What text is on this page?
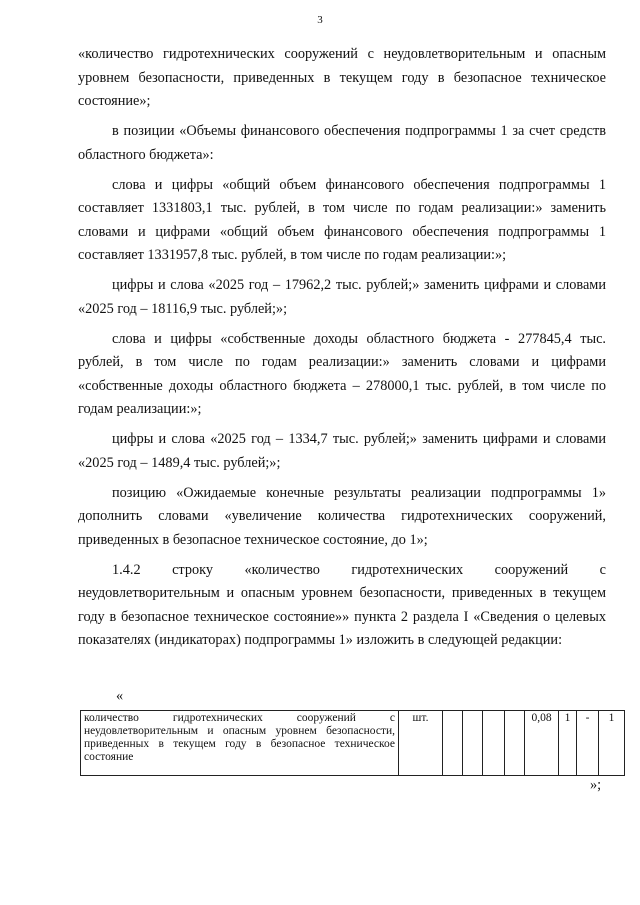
3

«количество гидротехнических сооружений с неудовлетворительным и опасным уровнем безопасности, приведенных в текущем году в безопасное техническое состояние»;

в позиции «Объемы финансового обеспечения подпрограммы 1 за счет средств областного бюджета»:

слова и цифры «общий объем финансового обеспечения подпрограммы 1 составляет 1331803,1 тыс. рублей, в том числе по годам реализации:» заменить словами и цифрами «общий объем финансового обеспечения подпрограммы 1 составляет 1331957,8 тыс. рублей, в том числе по годам реализации:»;

цифры и слова «2025 год – 17962,2 тыс. рублей;» заменить цифрами и словами «2025 год – 18116,9 тыс. рублей;»;

слова и цифры «собственные доходы областного бюджета - 277845,4 тыс. рублей, в том числе по годам реализации:» заменить словами и цифрами «собственные доходы областного бюджета – 278000,1 тыс. рублей, в том числе по годам реализации:»;

цифры и слова «2025 год – 1334,7 тыс. рублей;» заменить цифрами и словами «2025 год – 1489,4 тыс. рублей;»;

позицию «Ожидаемые конечные результаты реализации подпрограммы 1» дополнить словами «увеличение количества гидротехнических сооружений, приведенных в безопасное техническое состояние, до 1»;

1.4.2 строку «количество гидротехнических сооружений с неудовлетворительным и опасным уровнем безопасности, приведенных в текущем году в безопасное техническое состояние»» пункта 2 раздела I «Сведения о целевых показателях (индикаторах) подпрограммы 1» изложить в следующей редакции:

«
количество гидротехнических сооружений с неудовлетворительным и опасным уровнем безопасности, приведенных в текущем году в безопасное техническое состояние	шт.					0,08	1	-	1
»;
